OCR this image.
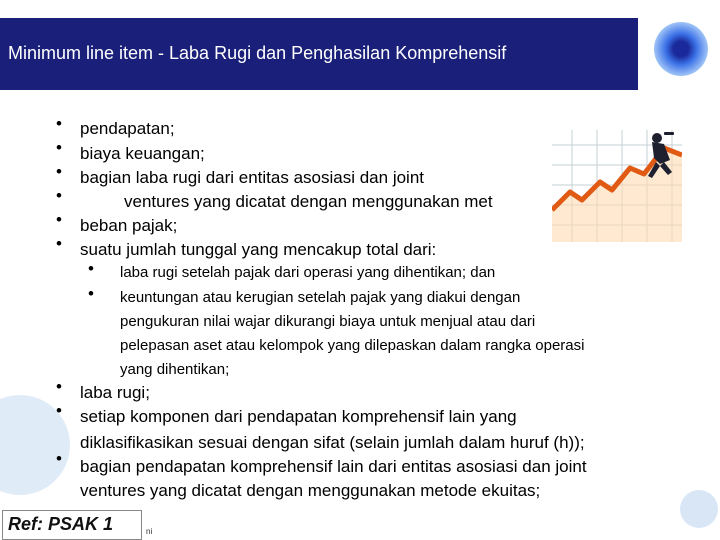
Minimum line item - Laba Rugi dan Penghasilan Komprehensif
• pendapatan;
• biaya keuangan;
• bagian laba rugi dari entitas asosiasi dan joint
•	ventures yang dicatat dengan menggunakan met
• beban pajak;
• suatu jumlah tunggal yang mencakup total dari:
• laba rugi setelah pajak dari operasi yang dihentikan; dan
• keuntungan atau kerugian setelah pajak yang diakui dengan
pengukuran nilai wajar dikurangi biaya untuk menjual atau dari
pelepasan aset atau kelompok yang dilepaskan dalam rangka operasi
yang dihentikan;
• laba rugi;
• setiap komponen dari pendapatan komprehensif lain yang
diklasifikasikan sesuai dengan sifat (selain jumlah dalam huruf (h));
• bagian pendapatan komprehensif lain dari entitas asosiasi dan joint
ventures yang dicatat dengan menggunakan metode ekuitas;
Ref: PSAK 1	ni
